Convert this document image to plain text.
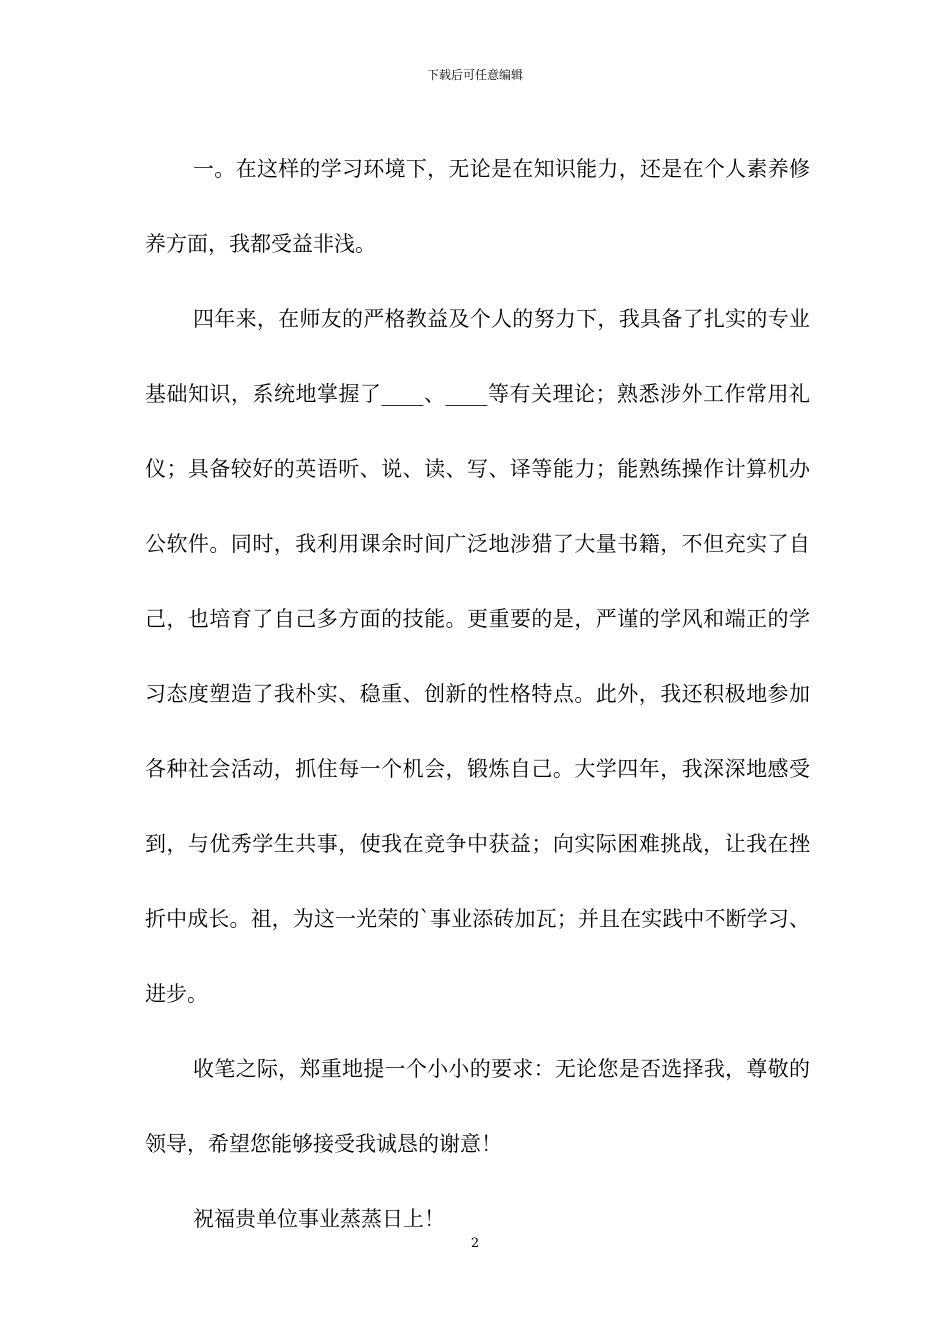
下载后可任意编辑

一。在这样的学习环境下，无论是在知识能力，还是在个人素养修养方面，我都受益非浅。

四年来，在师友的严格教益及个人的努力下，我具备了扎实的专业基础知识，系统地掌握了____、____等有关理论；熟悉涉外工作常用礼仪；具备较好的英语听、说、读、写、译等能力；能熟练操作计算机办公软件。同时，我利用课余时间广泛地涉猎了大量书籍，不但充实了自己，也培育了自己多方面的技能。更重要的是，严谨的学风和端正的学习态度塑造了我朴实、稳重、创新的性格特点。此外，我还积极地参加各种社会活动，抓住每一个机会，锻炼自己。大学四年，我深深地感受到，与优秀学生共事，使我在竞争中获益；向实际困难挑战，让我在挫折中成长。祖，为这一光荣的`事业添砖加瓦；并且在实践中不断学习、进步。

收笔之际，郑重地提一个小小的要求：无论您是否选择我，尊敬的领导，希望您能够接受我诚恳的谢意！

祝福贵单位事业蒸蒸日上！

2
